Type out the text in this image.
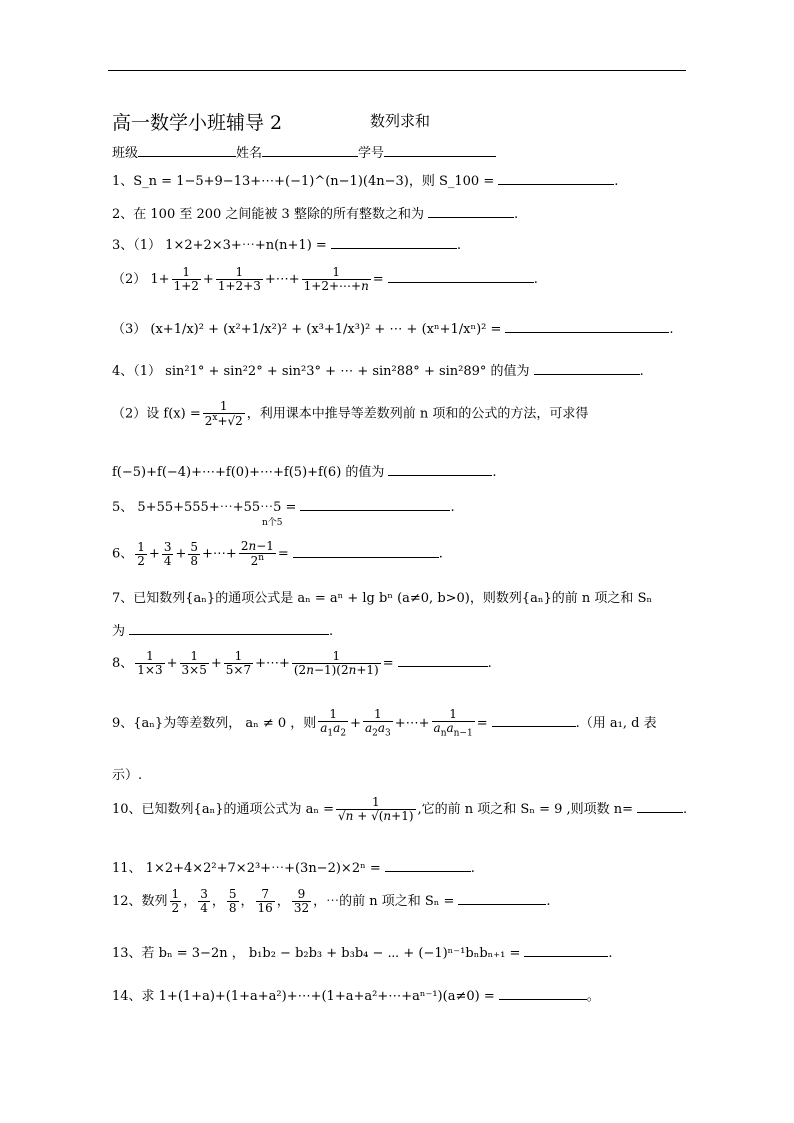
高一数学小班辅导 2	数列求和
班级	姓名	学号
1、S_n = 1−5+9−13+⋯+(−1)^(n−1)(4n−3)，则 S_100 =	.
2、在 100 至 200 之间能被 3 整除的所有整数之和为	.
3、（1） 1×2+2×3+⋯+n(n+1) =	.
（2） $1+ \frac{1}{1+2} + \frac{1}{1+2+3}$ +⋯+ $\frac{1}{1+2+\cdots+n}$ =	.
（3） (x+1/x)² + (x²+1/x²)² + (x³+1/x³)² + ⋯ + (xⁿ+1/xⁿ)² =	.
4、（1） sin²1° + sin²2° + sin²3° + ⋯ + sin²88° + sin²89° 的值为	.
（2）设 $f(x) = \frac{1}{2^x+√2}$ ，利用课本中推导等差数列前 n 项和的公式的方法，可求得
f(−5)+f(−4)+⋯+f(0)+⋯+f(5)+f(6) 的值为	.
5、 5+55+555+⋯+55⋯5 =	.
n个5
6、 $\frac{1}{2} + \frac{3}{4} + \frac{5}{8}$ +⋯+ $\frac{2n-1}{2^n}$ =	.
7、已知数列{aₙ}的通项公式是 aₙ = aⁿ + lg bⁿ (a≠0, b>0)，则数列{aₙ}的前 n 项之和 Sₙ
为	.
8、 $\frac{1}{1\times 3} + \frac{1}{3\times 5} + \frac{1}{5\times 7}$ +⋯+ $\frac{1}{(2n-1)(2n+1)}$ =	.
9、{aₙ}为等差数列， aₙ ≠ 0 ，则 $\frac{1}{a_1a_2} + \frac{1}{a_2a_3}$ +⋯+ $\frac{1}{a_na_{n-1}}$ =	.（用 a₁, d 表
示）.
10、已知数列{aₙ}的通项公式为 $a_n = \frac{1}{√n + √(n+1)}$ ,它的前 n 项之和 Sₙ = 9 ,则项数 n=	.
11、 1×2+4×2²+7×2³+⋯+(3n−2)×2ⁿ =	.
12、数列 $\frac{1}{2}$ ， $\frac{3}{4}$ ， $\frac{5}{8}$ ， $\frac{7}{16}$ ， $\frac{9}{32}$ ，⋯的前 n 项之和 Sₙ =	.
13、若 bₙ = 3−2n ， b₁b₂ − b₂b₃ + b₃b₄ − ⋯ + (−1)ⁿ⁻¹bₙbₙ₊₁ =	.
14、求 1+(1+a)+(1+a+a²)+⋯+(1+a+a²+⋯+aⁿ⁻¹)(a≠0) =	。
